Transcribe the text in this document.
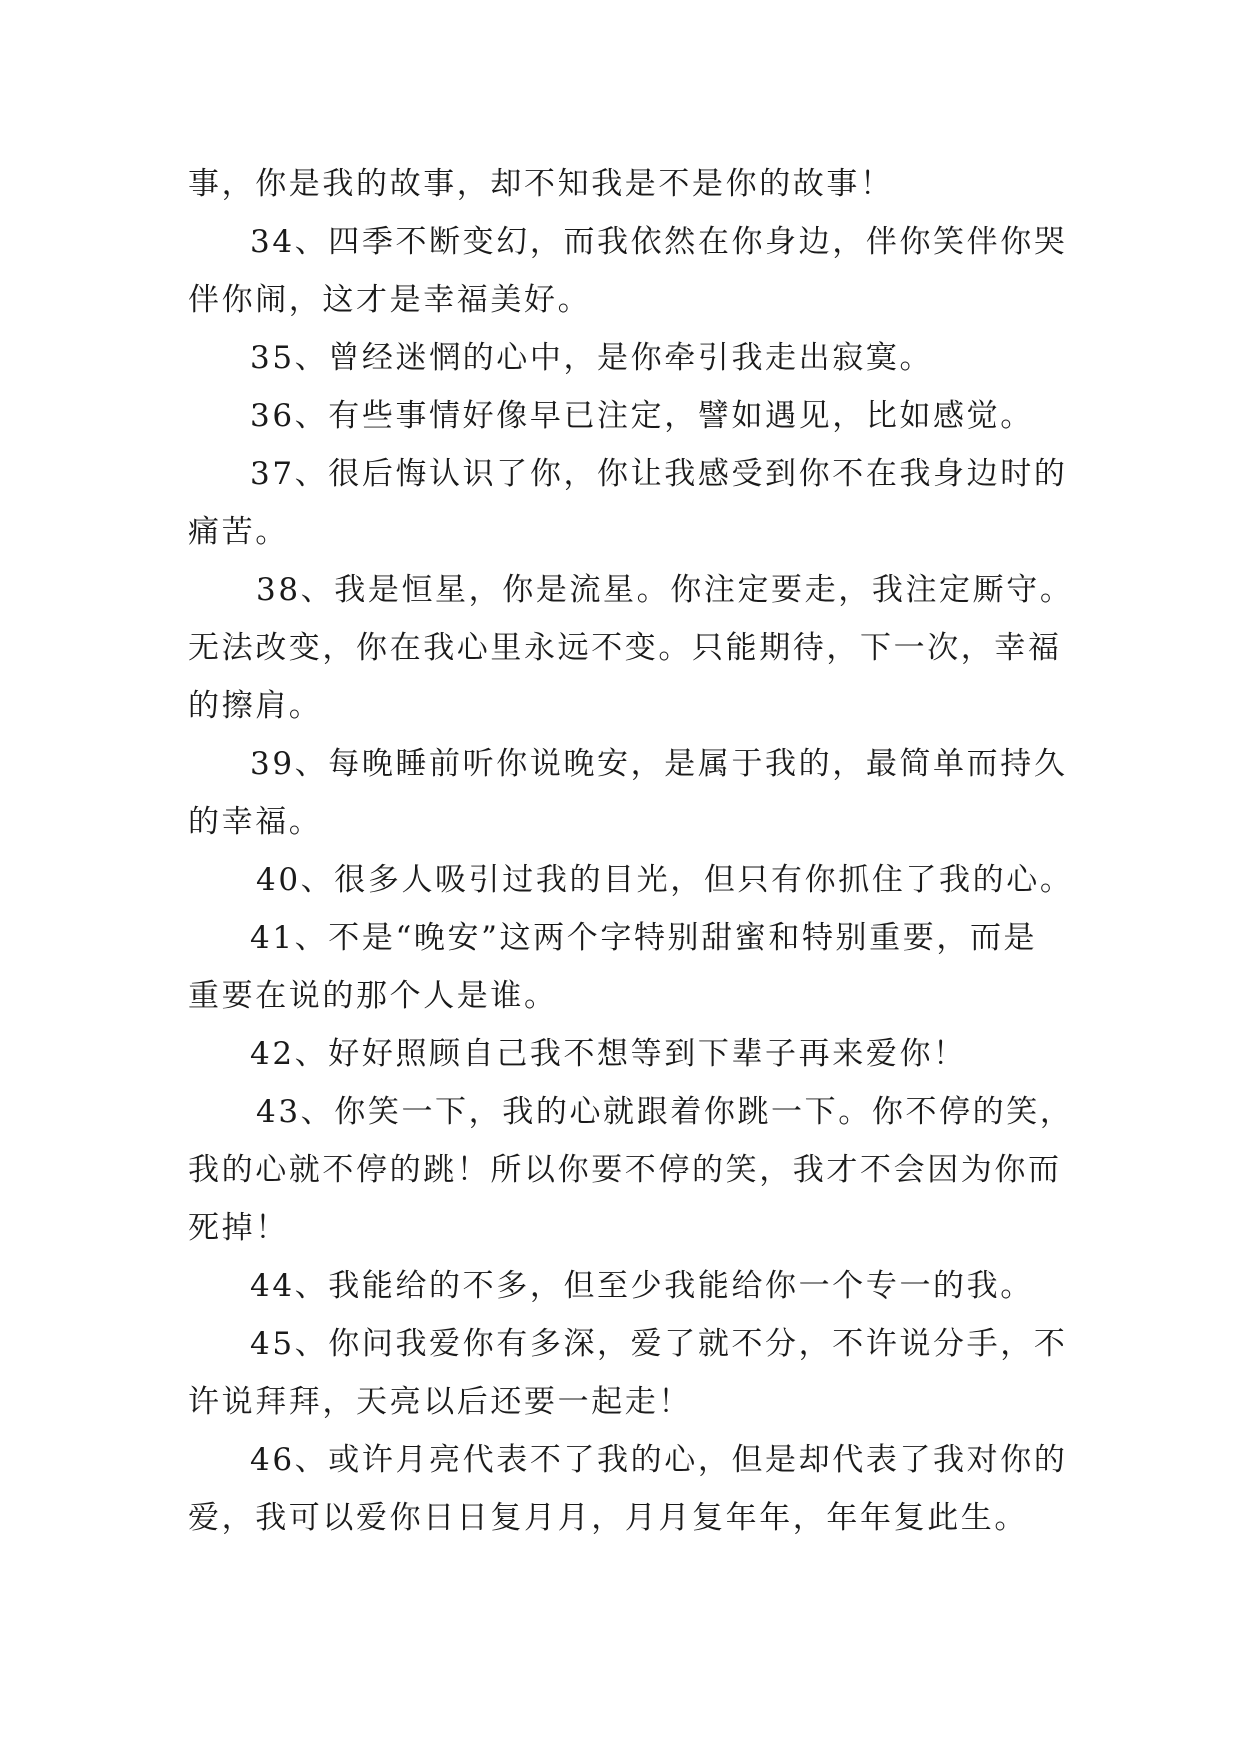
事，你是我的故事，却不知我是不是你的故事！
34、四季不断变幻，而我依然在你身边，伴你笑伴你哭
伴你闹，这才是幸福美好。
35、曾经迷惘的心中，是你牵引我走出寂寞。
36、有些事情好像早已注定，譬如遇见，比如感觉。
37、很后悔认识了你，你让我感受到你不在我身边时的
痛苦。
38、我是恒星，你是流星。你注定要走，我注定厮守。
无法改变，你在我心里永远不变。只能期待，下一次，幸福
的擦肩。
39、每晚睡前听你说晚安，是属于我的，最简单而持久
的幸福。
40、很多人吸引过我的目光，但只有你抓住了我的心。
41、不是“晚安”这两个字特别甜蜜和特别重要，而是
重要在说的那个人是谁。
42、好好照顾自己我不想等到下辈子再来爱你！
43、你笑一下，我的心就跟着你跳一下。你不停的笑，
我的心就不停的跳！所以你要不停的笑，我才不会因为你而
死掉！
44、我能给的不多，但至少我能给你一个专一的我。
45、你问我爱你有多深，爱了就不分，不许说分手，不
许说拜拜，天亮以后还要一起走！
46、或许月亮代表不了我的心，但是却代表了我对你的
爱，我可以爱你日日复月月，月月复年年，年年复此生。
